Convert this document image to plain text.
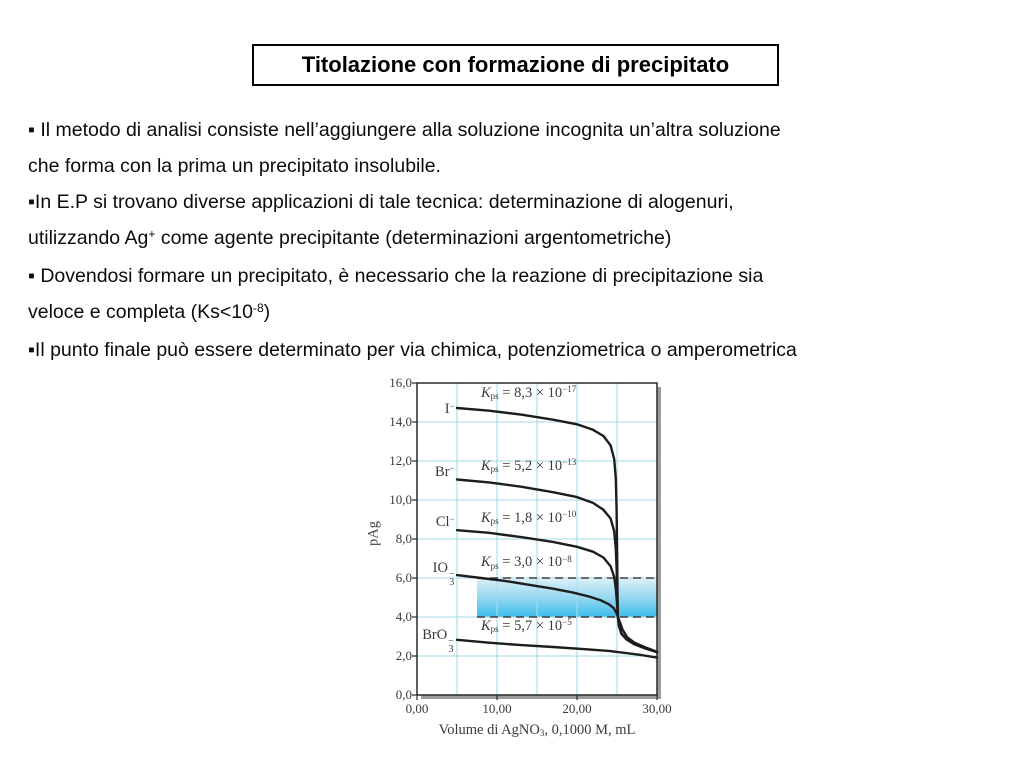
Titolazione con formazione di precipitato
▪ Il metodo di analisi consiste nell’aggiungere alla soluzione incognita un’altra soluzione
che forma con la prima un precipitato insolubile.
▪In E.P si trovano diverse applicazioni di tale tecnica: determinazione di alogenuri,
utilizzando Ag+ come agente precipitante (determinazioni argentometriche)
▪ Dovendosi formare un precipitato, è necessario che la reazione di precipitazione sia
veloce e completa $(Ks<10^{-8})$
▪Il punto finale può essere determinato per via chimica, potenziometrica o amperometrica
16,0
14,0
12,0
10,0
8,0
6,0
4,0
2,0
0,0
0,00	10,00	20,00	30,00
pAg
Volume di AgNO$_3$, 0,1000 M, mL
I−
$K_{ps} = 8,3 \times 10^{-17}$
Br− $K_{ps} = 5,2 \times 10^{-13}$
Cl− $K_{ps} = 1,8 \times 10^{-10}$
IO −
3
$K_{ps} = 3,0 \times 10^{-8}$
BrO −
3
$K_{ps} = 5,7 \times 10^{-5}$
